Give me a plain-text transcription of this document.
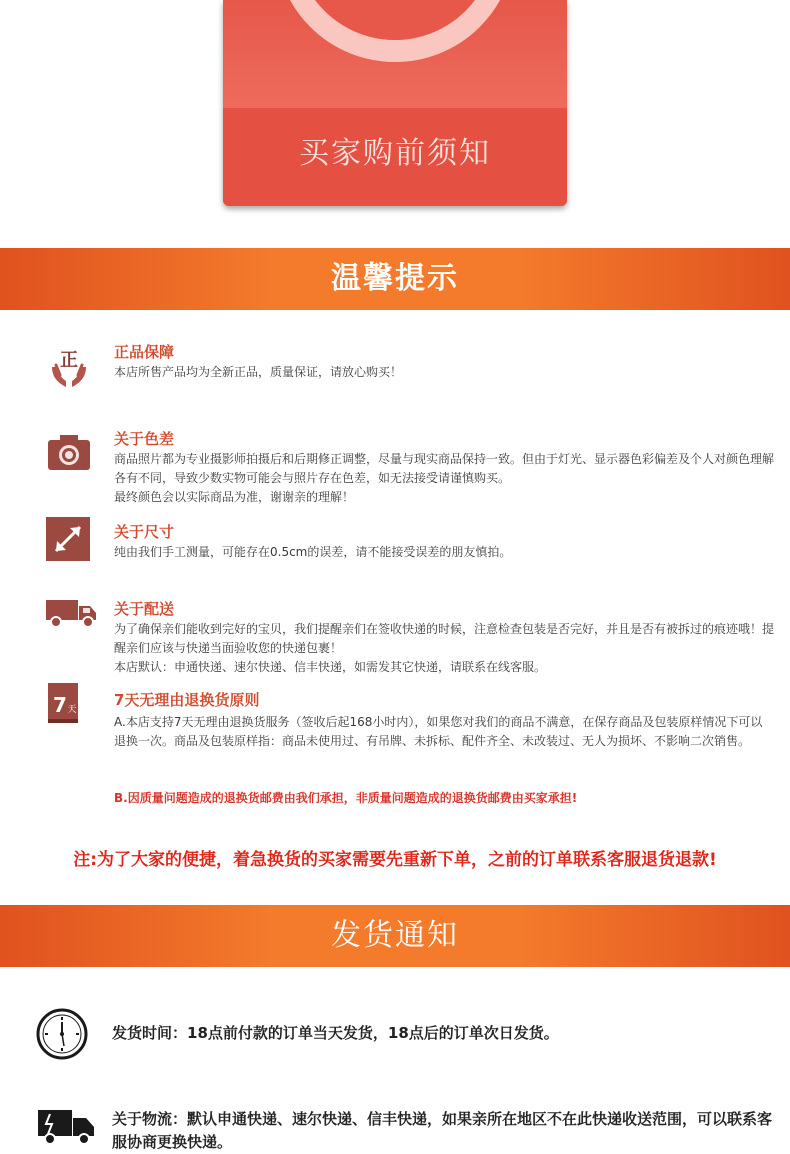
买家购前须知
温馨提示
正 正品保障

本店所售产品均为全新正品，质量保证，请放心购买！

关于色差

商品照片都为专业摄影师拍摄后和后期修正调整，尽量与现实商品保持一致。但由于灯光、显示器色彩偏差及个人对颜色理解各有不同，导致少数实物可能会与照片存在色差，如无法接受请谨慎购买。

最终颜色会以实际商品为准，谢谢亲的理解！

关于尺寸

纯由我们手工测量，可能存在0.5cm的误差，请不能接受误差的朋友慎拍。

关于配送

为了确保亲们能收到完好的宝贝，我们提醒亲们在签收快递的时候，注意检查包装是否完好，并且是否有被拆过的痕迹哦！提醒亲们应该与快递当面验收您的快递包裹！

本店默认：申通快递、速尔快递、信丰快递，如需发其它快递，请联系在线客服。

7 天
7天无理由退换货原则

A.本店支持7天无理由退换货服务（签收后起168小时内），如果您对我们的商品不满意，在保存商品及包装原样情况下可以退换一次。商品及包装原样指：商品未使用过、有吊牌、未拆标、配件齐全、未改装过、无人为损坏、不影响二次销售。

B.因质量问题造成的退换货邮费由我们承担，非质量问题造成的退换货邮费由买家承担!
注:为了大家的便捷，着急换货的买家需要先重新下单，之前的订单联系客服退货退款!
发货通知
发货时间：18点前付款的订单当天发货，18点后的订单次日发货。
关于物流：默认申通快递、速尔快递、信丰快递，如果亲所在地区不在此快递收送范围，可以联系客服协商更换快递。
